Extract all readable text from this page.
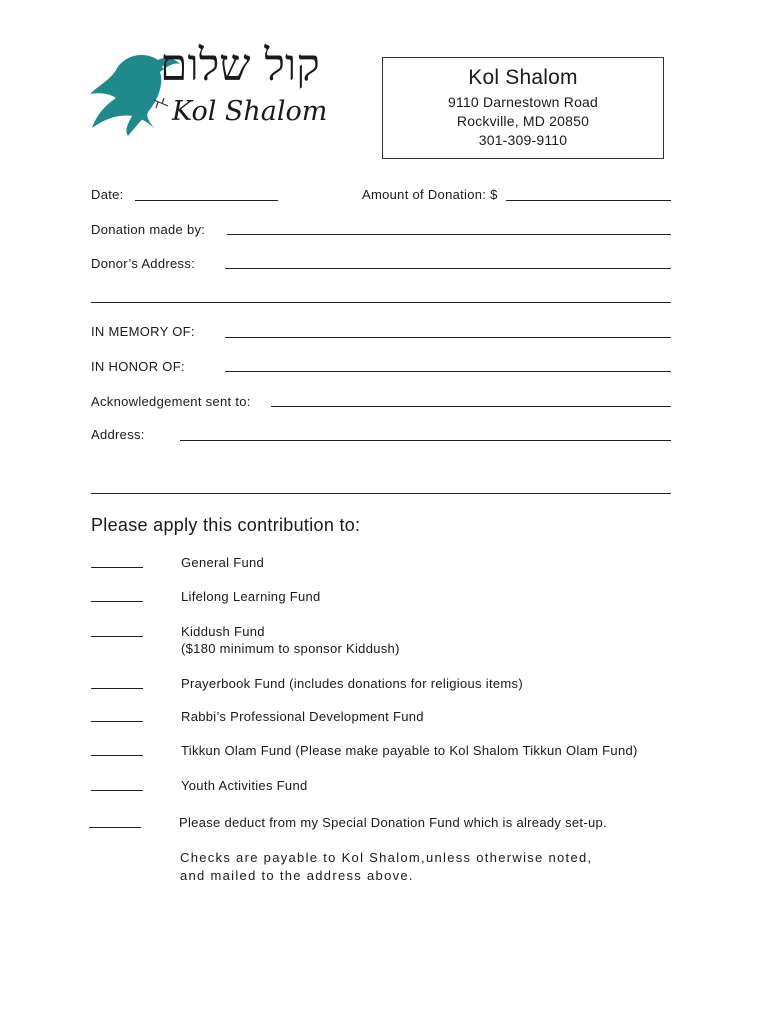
קול שלום
Kol Shalom
Kol Shalom
9110 Darnestown Road
Rockville, MD 20850
301-309-9110
Date:	Amount of Donation: $
Donation made by:
Donor’s Address:
IN MEMORY OF:
IN HONOR OF:
Acknowledgement sent to:
Address:
Please apply this contribution to:
General Fund
Lifelong Learning Fund
Kiddush Fund
($180 minimum to sponsor Kiddush)
Prayerbook Fund (includes donations for religious items)
Rabbi’s Professional Development Fund
Tikkun Olam Fund (Please make payable to Kol Shalom Tikkun Olam Fund)
Youth Activities Fund
Please deduct from my Special Donation Fund which is already set-up.
Checks are payable to Kol Shalom,unless otherwise noted,
and mailed to the address above.
